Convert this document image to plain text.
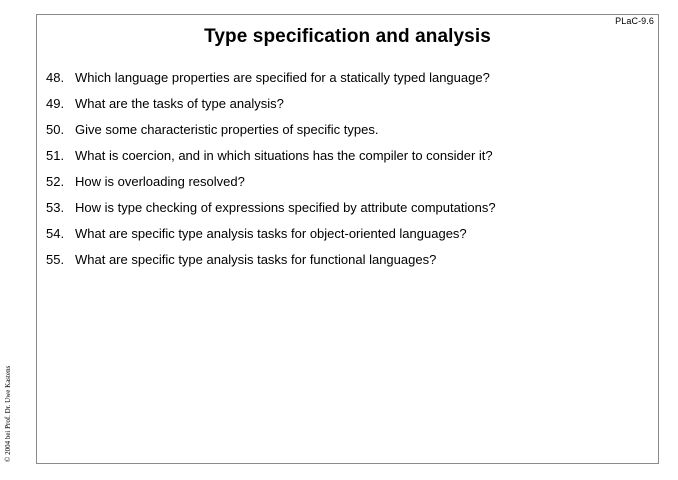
PLaC-9.6
Type specification and analysis
48. Which language properties are specified for a statically typed language?
49. What are the tasks of type analysis?
50. Give some characteristic properties of specific types.
51. What is coercion, and in which situations has the compiler to consider it?
52. How is overloading resolved?
53. How is type checking of expressions specified by attribute computations?
54. What are specific type analysis tasks for object-oriented languages?
55. What are specific type analysis tasks for functional languages?
© 2004 bei Prof. Dr. Uwe Kastens
